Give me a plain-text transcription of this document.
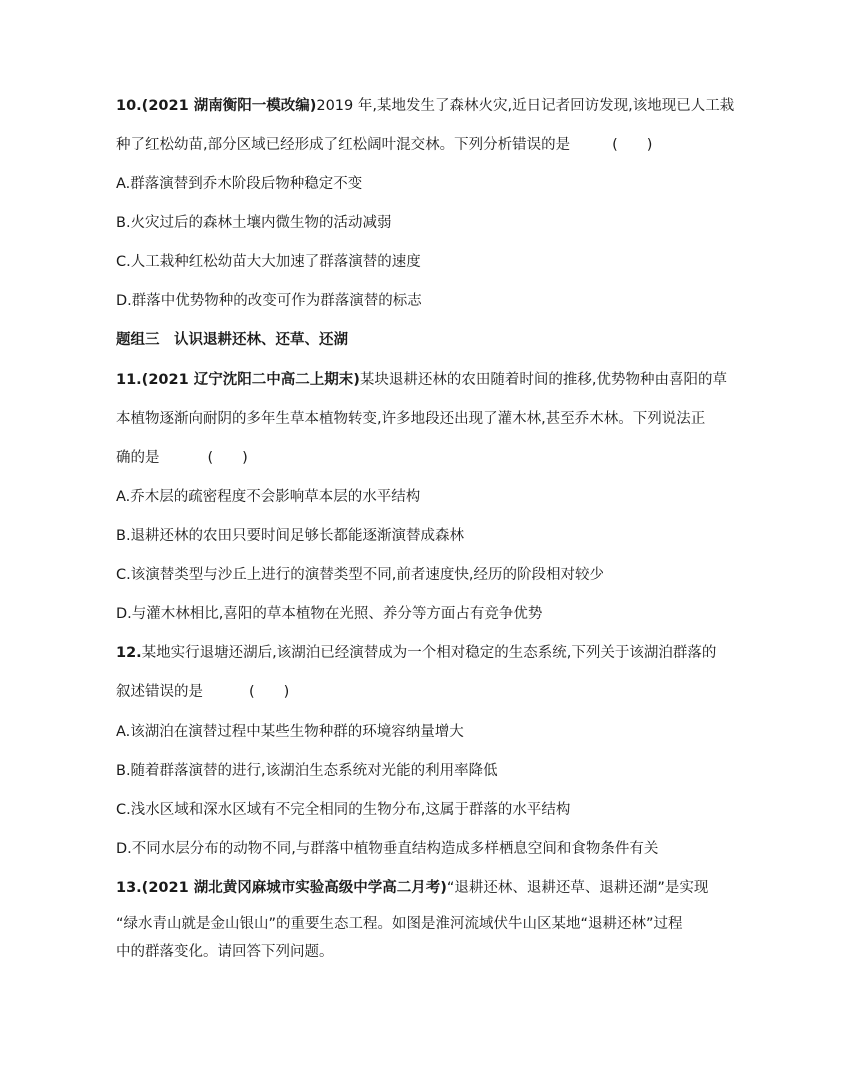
10.(2021 湖南衡阳一模改编)2019 年,某地发生了森林火灾,近日记者回访发现,该地现已人工栽
种了红松幼苗,部分区域已经形成了红松阔叶混交林。下列分析错误的是	(  )
A.群落演替到乔木阶段后物种稳定不变
B.火灾过后的森林土壤内微生物的活动减弱
C.人工栽种红松幼苗大大加速了群落演替的速度
D.群落中优势物种的改变可作为群落演替的标志
题组三 认识退耕还林、还草、还湖
11.(2021 辽宁沈阳二中高二上期末)某块退耕还林的农田随着时间的推移,优势物种由喜阳的草
本植物逐渐向耐阴的多年生草本植物转变,许多地段还出现了灌木林,甚至乔木林。下列说法正
确的是	(  )
A.乔木层的疏密程度不会影响草本层的水平结构
B.退耕还林的农田只要时间足够长都能逐渐演替成森林
C.该演替类型与沙丘上进行的演替类型不同,前者速度快,经历的阶段相对较少
D.与灌木林相比,喜阳的草本植物在光照、养分等方面占有竞争优势
12.某地实行退塘还湖后,该湖泊已经演替成为一个相对稳定的生态系统,下列关于该湖泊群落的
叙述错误的是	(  )
A.该湖泊在演替过程中某些生物种群的环境容纳量增大
B.随着群落演替的进行,该湖泊生态系统对光能的利用率降低
C.浅水区域和深水区域有不完全相同的生物分布,这属于群落的水平结构
D.不同水层分布的动物不同,与群落中植物垂直结构造成多样栖息空间和食物条件有关
13.(2021 湖北黄冈麻城市实验高级中学高二月考)“退耕还林、退耕还草、退耕还湖”是实现
“绿水青山就是金山银山”的重要生态工程。如图是淮河流域伏牛山区某地“退耕还林”过程
中的群落变化。请回答下列问题。
